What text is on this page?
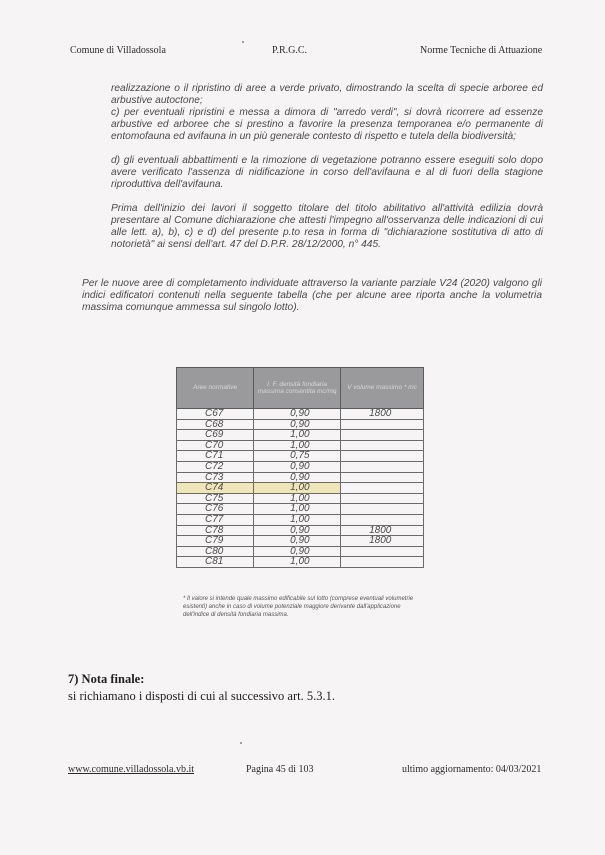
Comune di Villadossola	P.R.G.C.	Norme Tecniche di Attuazione

realizzazione o il ripristino di aree a verde privato, dimostrando la scelta di specie arboree ed arbustive autoctone;

c) per eventuali ripristini e messa a dimora di "arredo verdi", si dovrà ricorrere ad essenze arbustive ed arboree che si prestino a favorire la presenza temporanea e/o permanente di entomofauna ed avifauna in un più generale contesto di rispetto e tutela della biodiversità;

d) gli eventuali abbattimenti e la rimozione di vegetazione potranno essere eseguiti solo dopo avere verificato l'assenza di nidificazione in corso dell'avifauna e al di fuori della stagione riproduttiva dell'avifauna.

Prima dell'inizio dei lavori il soggetto titolare del titolo abilitativo all'attività edilizia dovrà presentare al Comune dichiarazione che attesti l'impegno all'osservanza delle indicazioni di cui alle lett. a), b), c) e d) del presente p.to resa in forma di "dichiarazione sostitutiva di atto di notorietà" ai sensi dell'art. 47 del D.P.R. 28/12/2000, n° 445.

Per le nuove aree di completamento individuate attraverso la variante parziale V24 (2020) valgono gli indici edificatori contenuti nella seguente tabella (che per alcune aree riporta anche la volumetria massima comunque ammessa sul singolo lotto).

Aree normative	I. F. densità fondiaria massima consentita mc/mq	V volume massimo * mc
C67	0,90	1800
C68	0,90	
C69	1,00	
C70	1,00	
C71	0,75	
C72	0,90	
C73	0,90	
C74	1,00	
C75	1,00	
C76	1,00	
C77	1,00	
C78	0,90	1800
C79	0,90	1800
C80	0,90	
C81	1,00	

* Il valore si intende quale massimo edificabile sul lotto (comprese eventuali volumetrie esistenti) anche in caso di volume potenziale maggiore derivante dall'applicazione dell'indice di densità fondiaria massima.

7) Nota finale:
si richiamano i disposti di cui al successivo art. 5.3.1.
www.comune.villadossola.vb.it	Pagina 45 di 103	ultimo aggiornamento: 04/03/2021
